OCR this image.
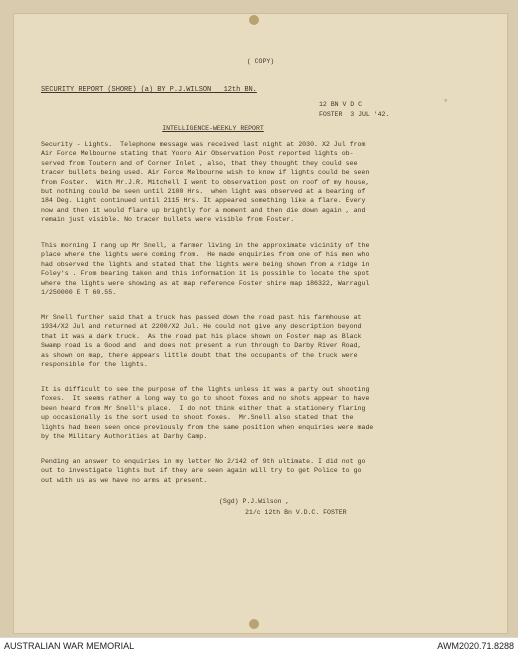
◦
( COPY)
SECURITY REPORT (SHORE) (a) BY P.J.WILSON   12th BN.
12 BN V D C
FOSTER  3 JUL '42.
INTELLIGENCE-WEEKLY REPORT
Security - Lights.  Telephone message was received last night at 2030. X2 Jul from
Air Force Melbourne stating that Yooro Air Observation Post reported lights ob-
served from Toutern and of Corner Inlet , also, that they thought they could see
tracer bullets being used. Air Force Melbourne wish to know if lights could be seen
from Foster.  With Mr.J.R. Mitchell I went to observation post on roof of my house,
but nothing could be seen until 2100 Hrs.  when light was observed at a bearing of
184 Deg. Light continued until 2115 Hrs. It appeared something like a flare. Every
now and then it would flare up brightly for a moment and then die down again , and
remain just visible. No tracer bullets were visible from Foster.
This morning I rang up Mr Snell, a farmer living in the approximate vicinity of the
place where the lights were coming from.  He made enquiries from one of his men who
had observed the lights and stated that the lights were being shown from a ridge in
Foley's . From bearing taken and this information it is possible to locate the spot
where the lights were showing as at map reference Foster shire map 186322, Warragul
1/250000 E T 60.55.
Mr Snell further said that a truck has passed down the road past his farmhouse at
1934/X2 Jul and returned at 2200/X2 Jul. He could not give any description beyond
that it was a dark truck.  As the road pat his place shown on Foster map as Black
Swamp road is a Good and  and does not present a run through to Darby River Road,
as shown on map, there appears little doubt that the occupants of the truck were
responsible for the lights.
It is difficult to see the purpose of the lights unless it was a party out shooting
foxes.  It seems rather a long way to go to shoot foxes and no shots appear to have
been heard from Mr Snell's place.  I do not think either that a stationery flaring
up occasionally is the sort used to shoot foxes.  Mr.Snell also stated that the
lights had been seen once previously from the same position when enquiries were made
by the Military Authorities at Darby Camp.
Pending an answer to enquiries in my letter No 2/142 of 9th ultimate. I did not go
out to investigate lights but if they are seen again will try to get Police to go
out with us as we have no arms at present.
(Sgd) P.J.Wilson ,
21/c 12th Bn V.D.C. FOSTER
AUSTRALIAN WAR MEMORIAL	AWM2020.71.8288
